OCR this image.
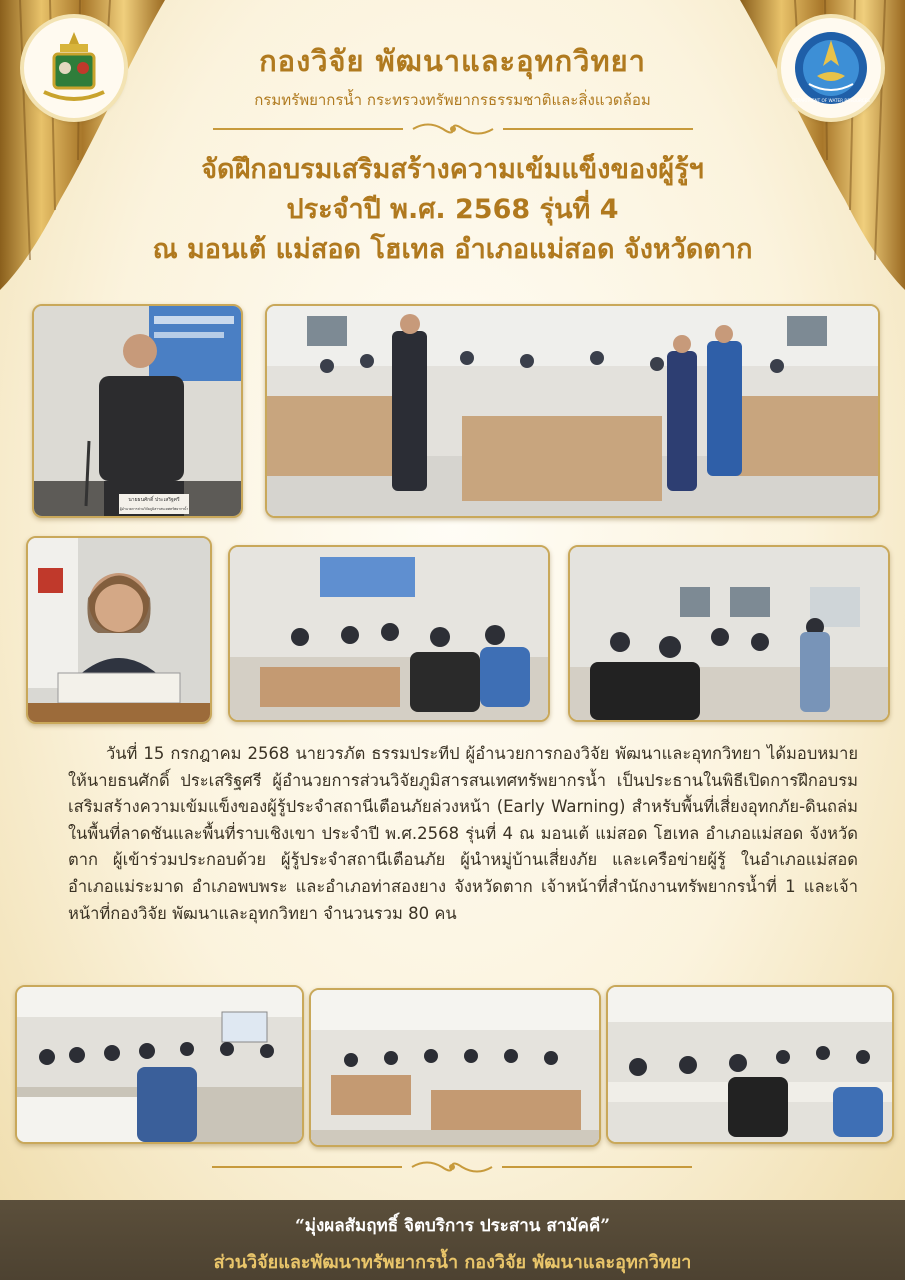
DEPARTMENT OF WATER RESOURCES
กองวิจัย พัฒนาและอุทกวิทยา
กรมทรัพยากรน้ำ กระทรวงทรัพยากรธรรมชาติและสิ่งแวดล้อม
จัดฝึกอบรมเสริมสร้างความเข้มแข็งของผู้รู้ฯ
ประจำปี พ.ศ. 2568 รุ่นที่ 4
ณ มอนเต้ แม่สอด โฮเทล อำเภอแม่สอด จังหวัดตาก
นายธนศักดิ์ ประเสริฐศรี
ผู้อำนวยการส่วนวิจัยภูมิสารสนเทศทรัพยากรน้ำ

วันที่ 15 กรกฎาคม 2568 นายวรภัต ธรรมประทีป ผู้อำนวยการกองวิจัย พัฒนาและอุทกวิทยา ได้มอบหมายให้นายธนศักดิ์ ประเสริฐศรี ผู้อำนวยการส่วนวิจัยภูมิสารสนเทศทรัพยากรน้ำ เป็นประธานในพิธีเปิดการฝึกอบรมเสริมสร้างความเข้มแข็งของผู้รู้ประจำสถานีเตือนภัยล่วงหน้า (Early Warning) สำหรับพื้นที่เสี่ยงอุทกภัย-ดินถล่มในพื้นที่ลาดชันและพื้นที่ราบเชิงเขา ประจำปี พ.ศ.2568 รุ่นที่ 4 ณ มอนเต้ แม่สอด โฮเทล อำเภอแม่สอด จังหวัดตาก ผู้เข้าร่วมประกอบด้วย ผู้รู้ประจำสถานีเตือนภัย ผู้นำหมู่บ้านเสี่ยงภัย และเครือข่ายผู้รู้ ในอำเภอแม่สอด อำเภอแม่ระมาด อำเภอพบพระ และอำเภอท่าสองยาง จังหวัดตาก เจ้าหน้าที่สำนักงานทรัพยากรน้ำที่ 1 และเจ้าหน้าที่กองวิจัย พัฒนาและอุทกวิทยา จำนวนรวม 80 คน

“มุ่งผลสัมฤทธิ์ จิตบริการ ประสาน สามัคคี”
ส่วนวิจัยและพัฒนาทรัพยากรน้ำ กองวิจัย พัฒนาและอุทกวิทยา
